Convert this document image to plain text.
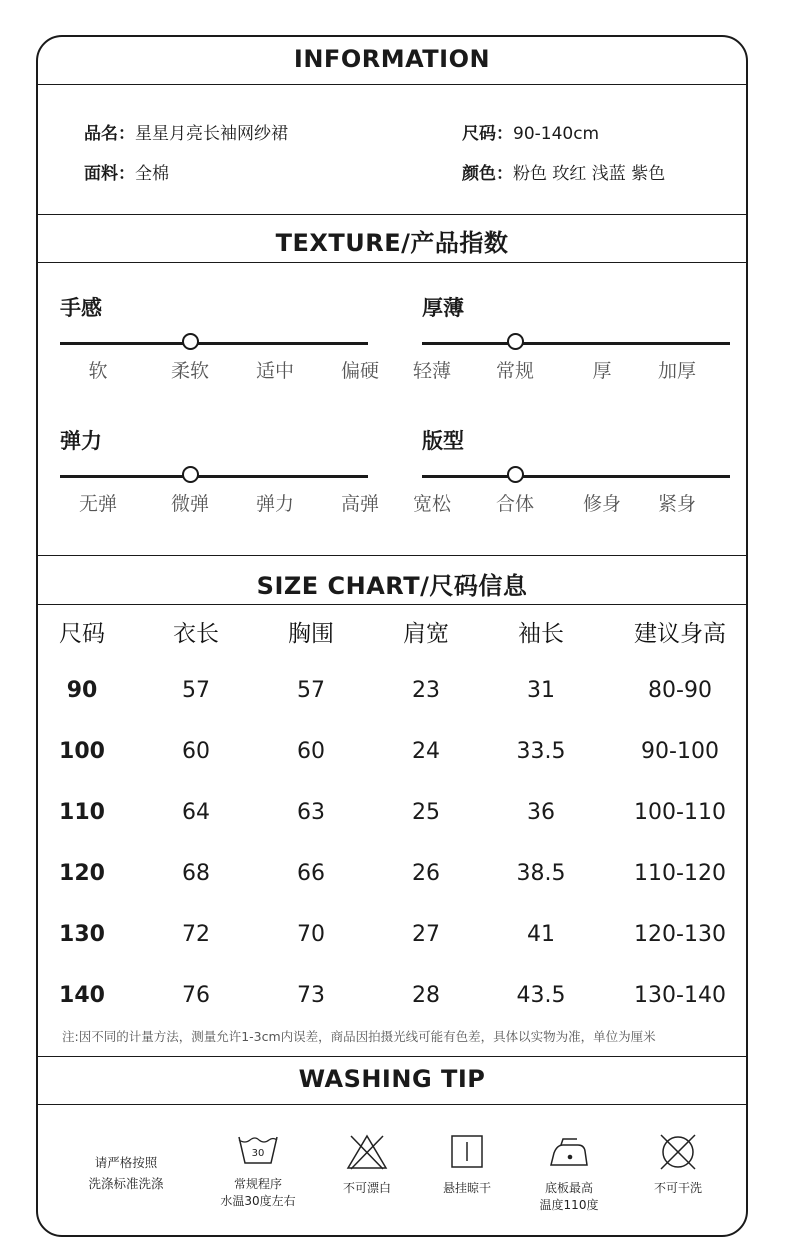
INFORMATION
品名：星星月亮长袖网纱裙	尺码：90-140cm
面料：全棉	颜色：粉色 玫红 浅蓝 紫色
TEXTURE/产品指数
手感
软	柔软 适中 偏硬
厚薄
轻薄 常规	厚 加厚
弹力
无弹	微弹 弹力 高弹
版型
宽松 合体	修身 紧身
SIZE CHART/尺码信息
尺码	衣长	胸围	肩宽	袖长	建议身高
90	57	57	23	31	80-90
100	60	60	24	33.5	90-100
110	64	63	25	36	100-110
120	68	66	26	38.5	110-120
130	72	70	27	41	120-130
140	76	73	28	43.5	130-140
注:因不同的计量方法，测量允许1-3cm内误差，商品因拍摄光线可能有色差，具体以实物为准，单位为厘米
WASHING TIP
请严格按照
洗涤标准洗涤
30
常规程序
水温30度左右
不可漂白	悬挂晾干	底板最高
温度110度
不可干洗
